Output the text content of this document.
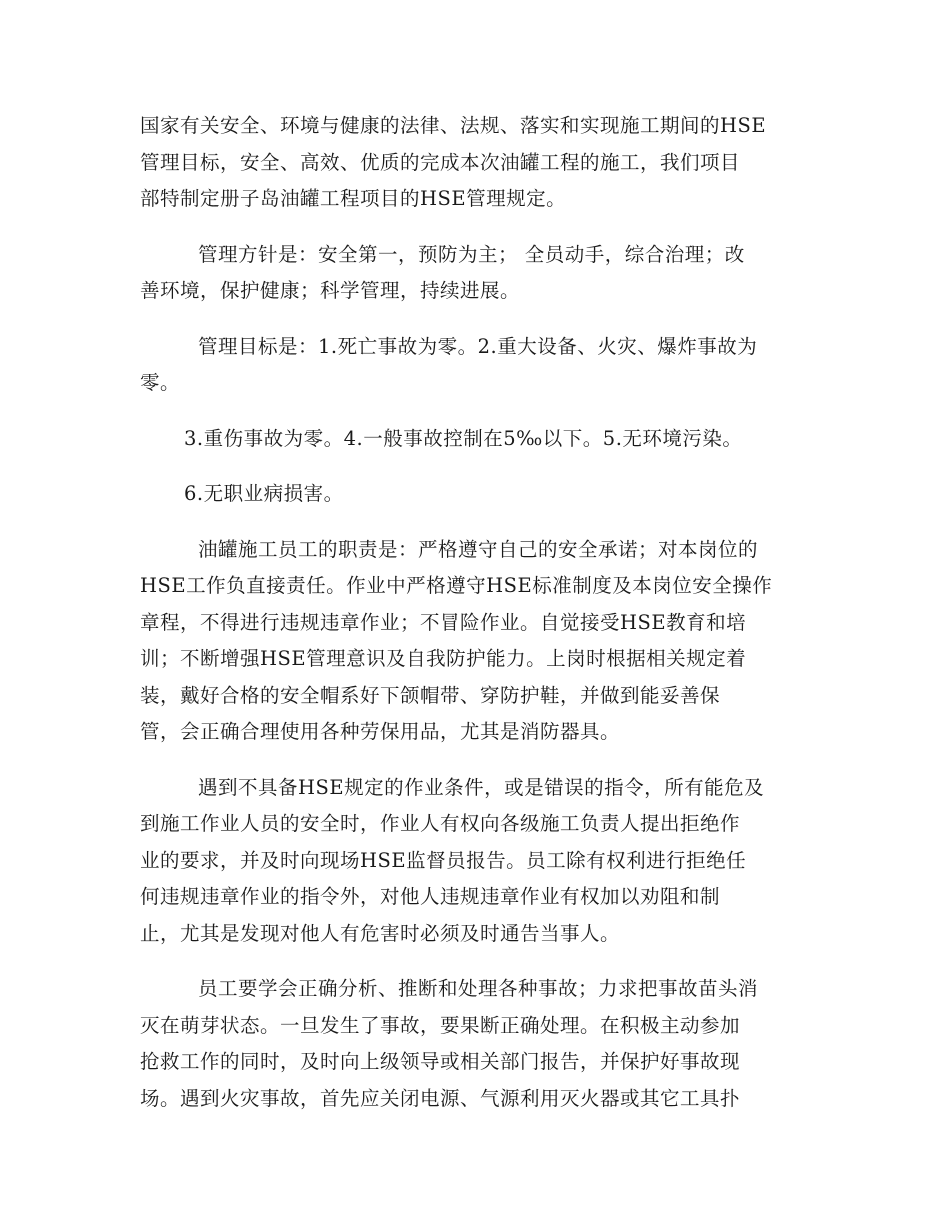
国家有关安全、环境与健康的法律、法规、落实和实现施工期间的HSE
管理目标，安全、高效、优质的完成本次油罐工程的施工，我们项目
部特制定册子岛油罐工程项目的HSE管理规定。
管理方针是：安全第一，预防为主； 全员动手，综合治理；改
善环境，保护健康；科学管理，持续进展。
管理目标是：1.死亡事故为零。2.重大设备、火灾、爆炸事故为
零。
3.重伤事故为零。4.一般事故控制在5‰以下。5.无环境污染。
6.无职业病损害。
油罐施工员工的职责是：严格遵守自己的安全承诺；对本岗位的
HSE工作负直接责任。作业中严格遵守HSE标准制度及本岗位安全操作
章程，不得进行违规违章作业；不冒险作业。自觉接受HSE教育和培
训；不断增强HSE管理意识及自我防护能力。上岗时根据相关规定着
装，戴好合格的安全帽系好下颌帽带、穿防护鞋，并做到能妥善保
管，会正确合理使用各种劳保用品，尤其是消防器具。
遇到不具备HSE规定的作业条件，或是错误的指令，所有能危及
到施工作业人员的安全时，作业人有权向各级施工负责人提出拒绝作
业的要求，并及时向现场HSE监督员报告。员工除有权利进行拒绝任
何违规违章作业的指令外，对他人违规违章作业有权加以劝阻和制
止，尤其是发现对他人有危害时必须及时通告当事人。
员工要学会正确分析、推断和处理各种事故；力求把事故苗头消
灭在萌芽状态。一旦发生了事故，要果断正确处理。在积极主动参加
抢救工作的同时，及时向上级领导或相关部门报告，并保护好事故现
场。遇到火灾事故，首先应关闭电源、气源利用灭火器或其它工具扑
